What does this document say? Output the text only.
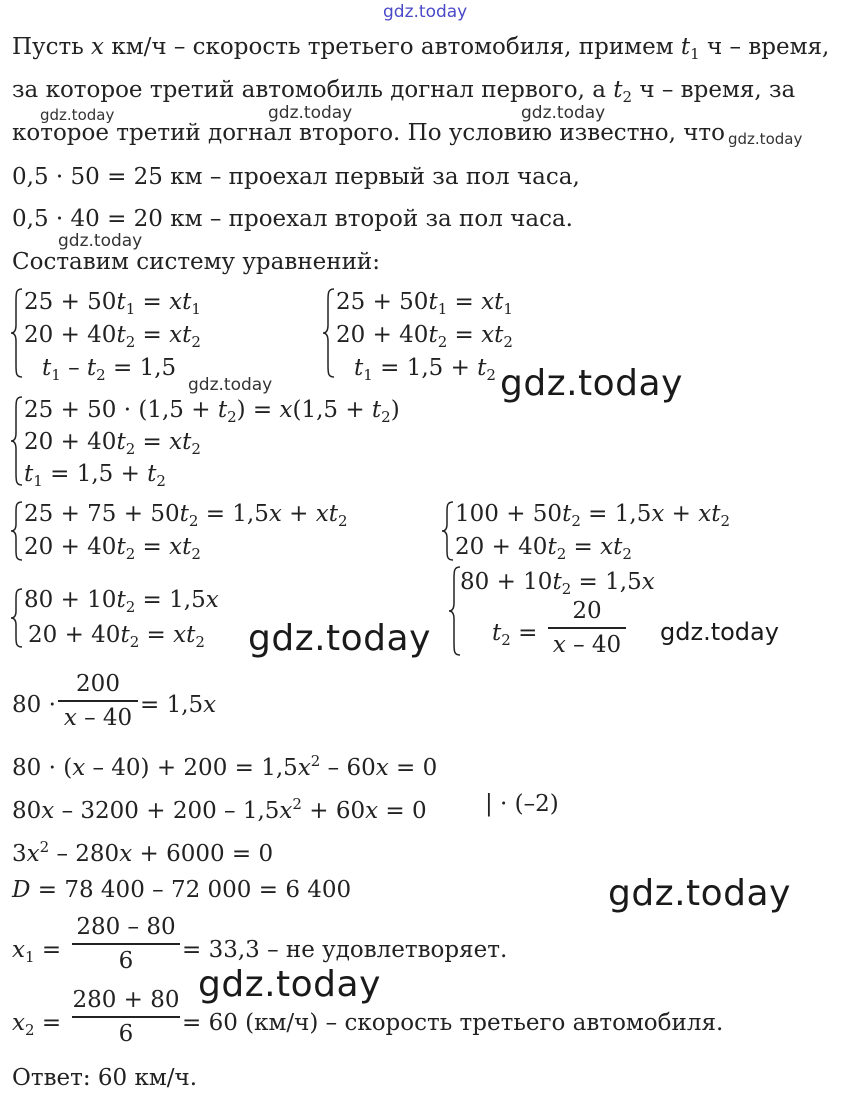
gdz.today
gdz.today	gdz.today	gdz.today
gdz.today
gdz.today
gdz.today	gdz.today
gdz.today	gdz.today
gdz.today
gdz.today
Пусть x км/ч – скорость третьего автомобиля, примем $t_1$ ч – время,
за которое третий автомобиль догнал первого, а $t_2$ ч – время, за
которое третий догнал второго. По условию известно, что
0,5 · 50 = 25 км – проехал первый за пол часа,
0,5 · 40 = 20 км – проехал второй за пол часа.
Составим систему уравнений:
$25 + 50t_1 = xt_1$
$20 + 40t_2 = xt_2$
$t_1 - t_2 = 1,5$
$25 + 50t_1 = xt_1$
$20 + 40t_2 = xt_2$
$t_1 = 1,5 + t_2$
$25 + 50 \cdot (1,5 + t_2) = x(1,5 + t_2)$
$20 + 40t_2 = xt_2$
$t_1 = 1,5 + t_2$
$25 + 75 + 50t_2 = 1,5x + xt_2$
$20 + 40t_2 = xt_2$
$100 + 50t_2 = 1,5x + xt_2$
$20 + 40t_2 = xt_2$
$80 + 10t_2 = 1,5x$
$20 + 40t_2 = xt_2$
$80 + 10t_2 = 1,5x$
$t_2$ =
20
x – 40
80 ·
200
x – 40 = 1,5x
$80 \cdot (x - 40) + 200 = 1,5x^2 - 60x = 0$
$80x - 3200 + 200 - 1,5x^2 + 60x = 0$	| · (–2)
$3x^2 - 280x + 6000 = 0$
D = 78 400 – 72 000 = 6 400
$x_1$ =
280 – 80
6	= 33,3 – не удовлетворяет.
$x_2$ =
280 + 80
6	= 60 (км/ч) – скорость третьего автомобиля.
Ответ: 60 км/ч.
